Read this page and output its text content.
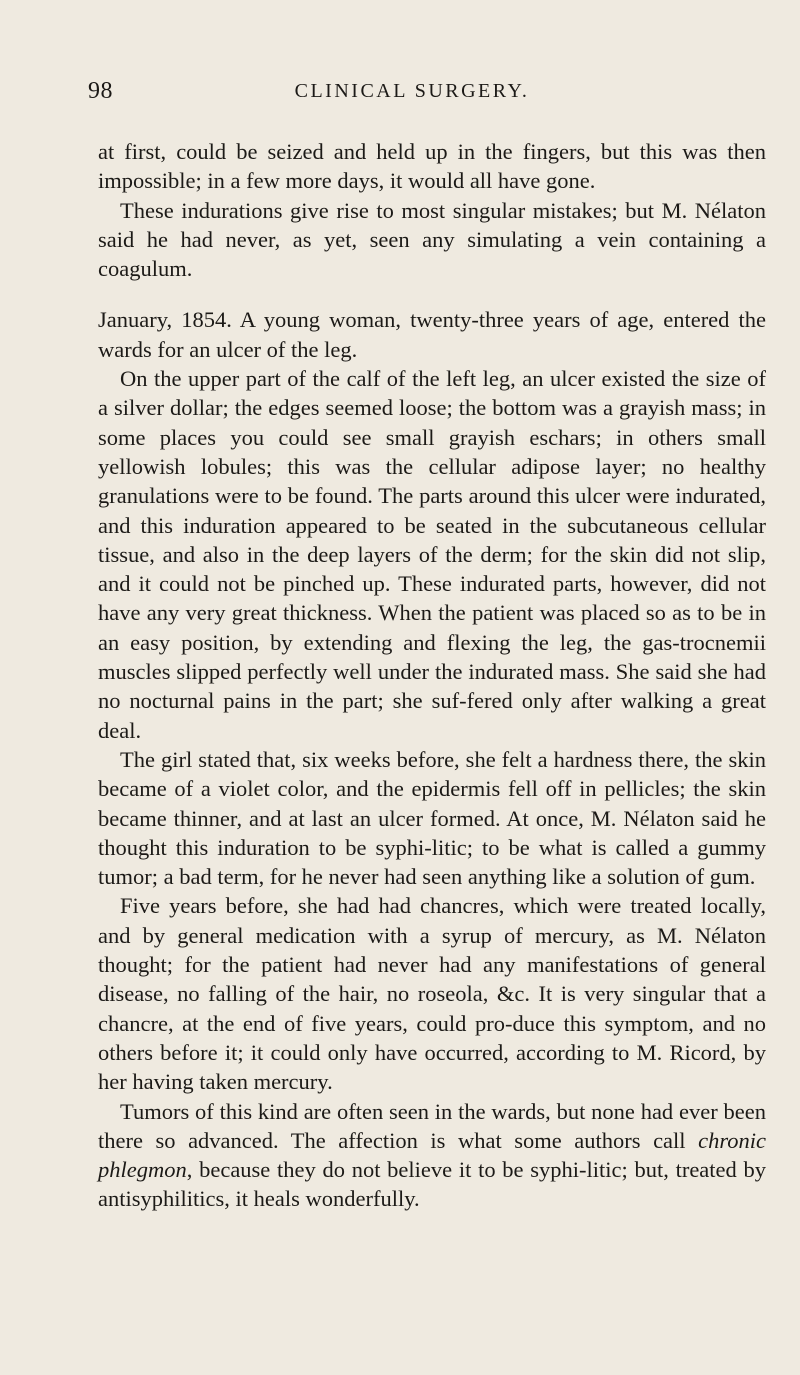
98	CLINICAL SURGERY.

at first, could be seized and held up in the fingers, but this was then impossible; in a few more days, it would all have gone.

These indurations give rise to most singular mistakes; but M. Nélaton said he had never, as yet, seen any simulating a vein containing a coagulum.

January, 1854. A young woman, twenty-three years of age, entered the wards for an ulcer of the leg.

On the upper part of the calf of the left leg, an ulcer existed the size of a silver dollar; the edges seemed loose; the bottom was a grayish mass; in some places you could see small grayish eschars; in others small yellowish lobules; this was the cellular adipose layer; no healthy granulations were to be found. The parts around this ulcer were indurated, and this induration appeared to be seated in the subcutaneous cellular tissue, and also in the deep layers of the derm; for the skin did not slip, and it could not be pinched up. These indurated parts, however, did not have any very great thickness. When the patient was placed so as to be in an easy position, by extending and flexing the leg, the gas-trocnemii muscles slipped perfectly well under the indurated mass. She said she had no nocturnal pains in the part; she suf-fered only after walking a great deal.

The girl stated that, six weeks before, she felt a hardness there, the skin became of a violet color, and the epidermis fell off in pellicles; the skin became thinner, and at last an ulcer formed. At once, M. Nélaton said he thought this induration to be syphi-litic; to be what is called a gummy tumor; a bad term, for he never had seen anything like a solution of gum.

Five years before, she had had chancres, which were treated locally, and by general medication with a syrup of mercury, as M. Nélaton thought; for the patient had never had any manifestations of general disease, no falling of the hair, no roseola, &c. It is very singular that a chancre, at the end of five years, could pro-duce this symptom, and no others before it; it could only have occurred, according to M. Ricord, by her having taken mercury.

Tumors of this kind are often seen in the wards, but none had ever been there so advanced. The affection is what some authors call chronic phlegmon, because they do not believe it to be syphi-litic; but, treated by antisyphilitics, it heals wonderfully.
